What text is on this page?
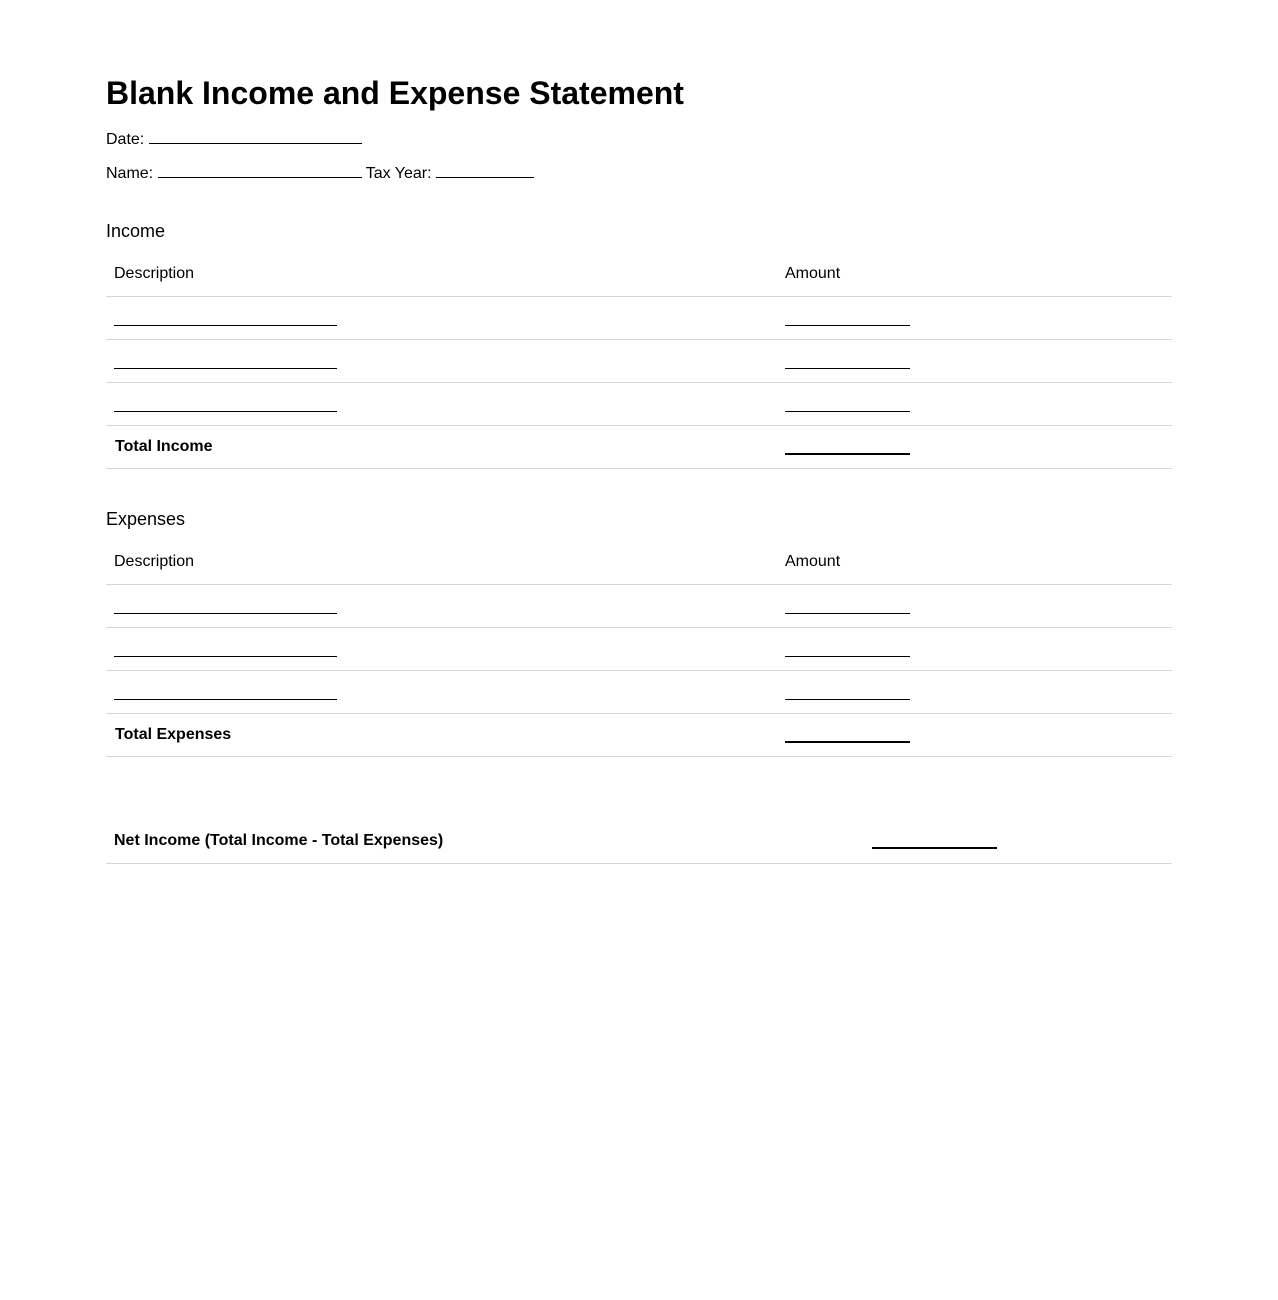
Blank Income and Expense Statement
Date:
Name:	Tax Year:
Income
Description	Amount
Total Income
Expenses
Description	Amount
Total Expenses
Net Income (Total Income - Total Expenses)
